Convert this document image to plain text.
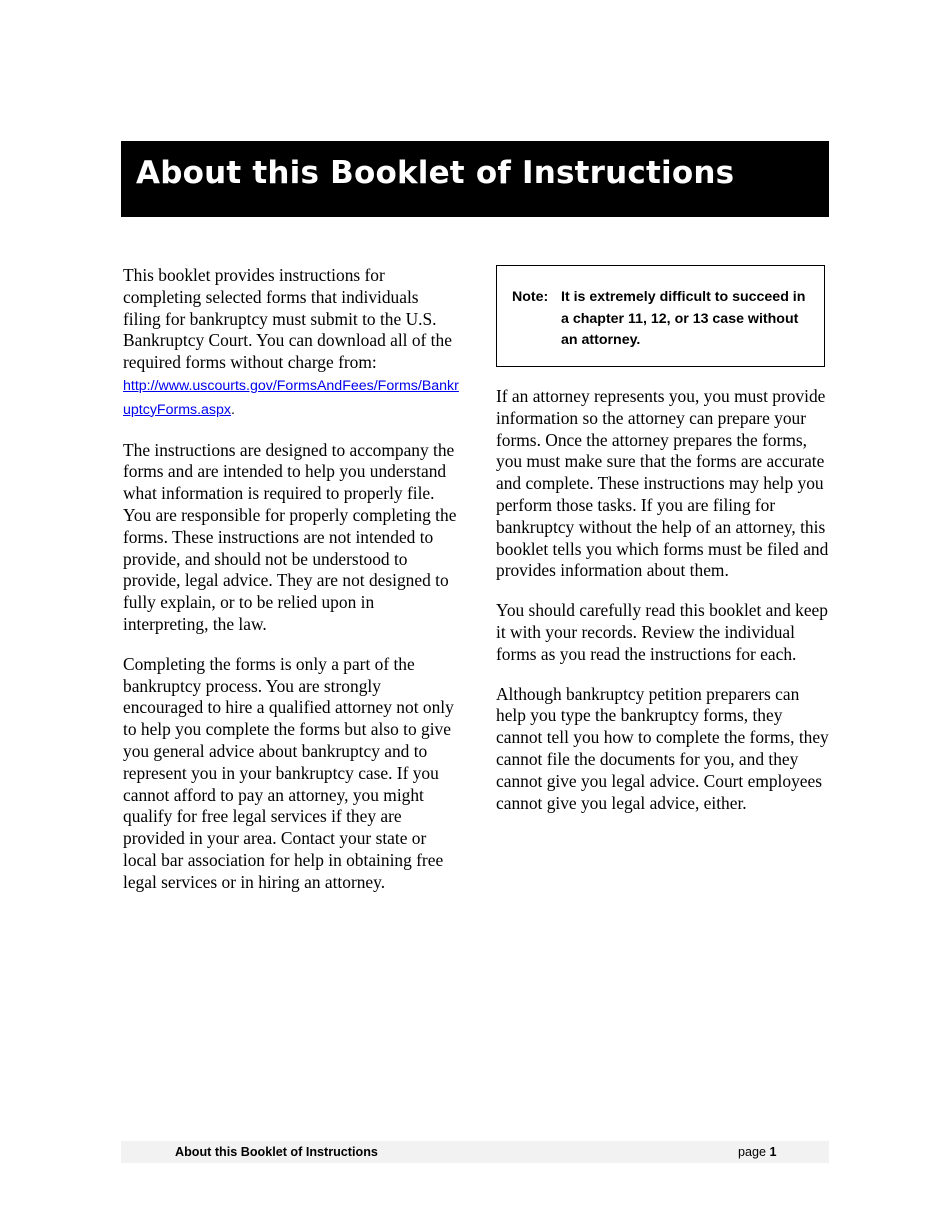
About this Booklet of Instructions

This booklet provides instructions for completing selected forms that individuals filing for bankruptcy must submit to the U.S. Bankruptcy Court. You can download all of the required forms without charge from:
http://www.uscourts.gov/FormsAndFees/Forms/BankruptcyForms.aspx.

The instructions are designed to accompany the forms and are intended to help you understand what information is required to properly file. You are responsible for properly completing the forms. These instructions are not intended to provide, and should not be understood to provide, legal advice. They are not designed to fully explain, or to be relied upon in interpreting, the law.

Completing the forms is only a part of the bankruptcy process. You are strongly encouraged to hire a qualified attorney not only to help you complete the forms but also to give you general advice about bankruptcy and to represent you in your bankruptcy case. If you cannot afford to pay an attorney, you might qualify for free legal services if they are provided in your area. Contact your state or local bar association for help in obtaining free legal services or in hiring an attorney.

Note: It is extremely difficult to succeed in a chapter 11, 12, or 13 case without an attorney.

If an attorney represents you, you must provide information so the attorney can prepare your forms. Once the attorney prepares the forms, you must make sure that the forms are accurate and complete. These instructions may help you perform those tasks. If you are filing for bankruptcy without the help of an attorney, this booklet tells you which forms must be filed and provides information about them.

You should carefully read this booklet and keep it with your records. Review the individual forms as you read the instructions for each.

Although bankruptcy petition preparers can help you type the bankruptcy forms, they cannot tell you how to complete the forms, they cannot file the documents for you, and they cannot give you legal advice. Court employees cannot give you legal advice, either.

About this Booklet of Instructions	page 1
